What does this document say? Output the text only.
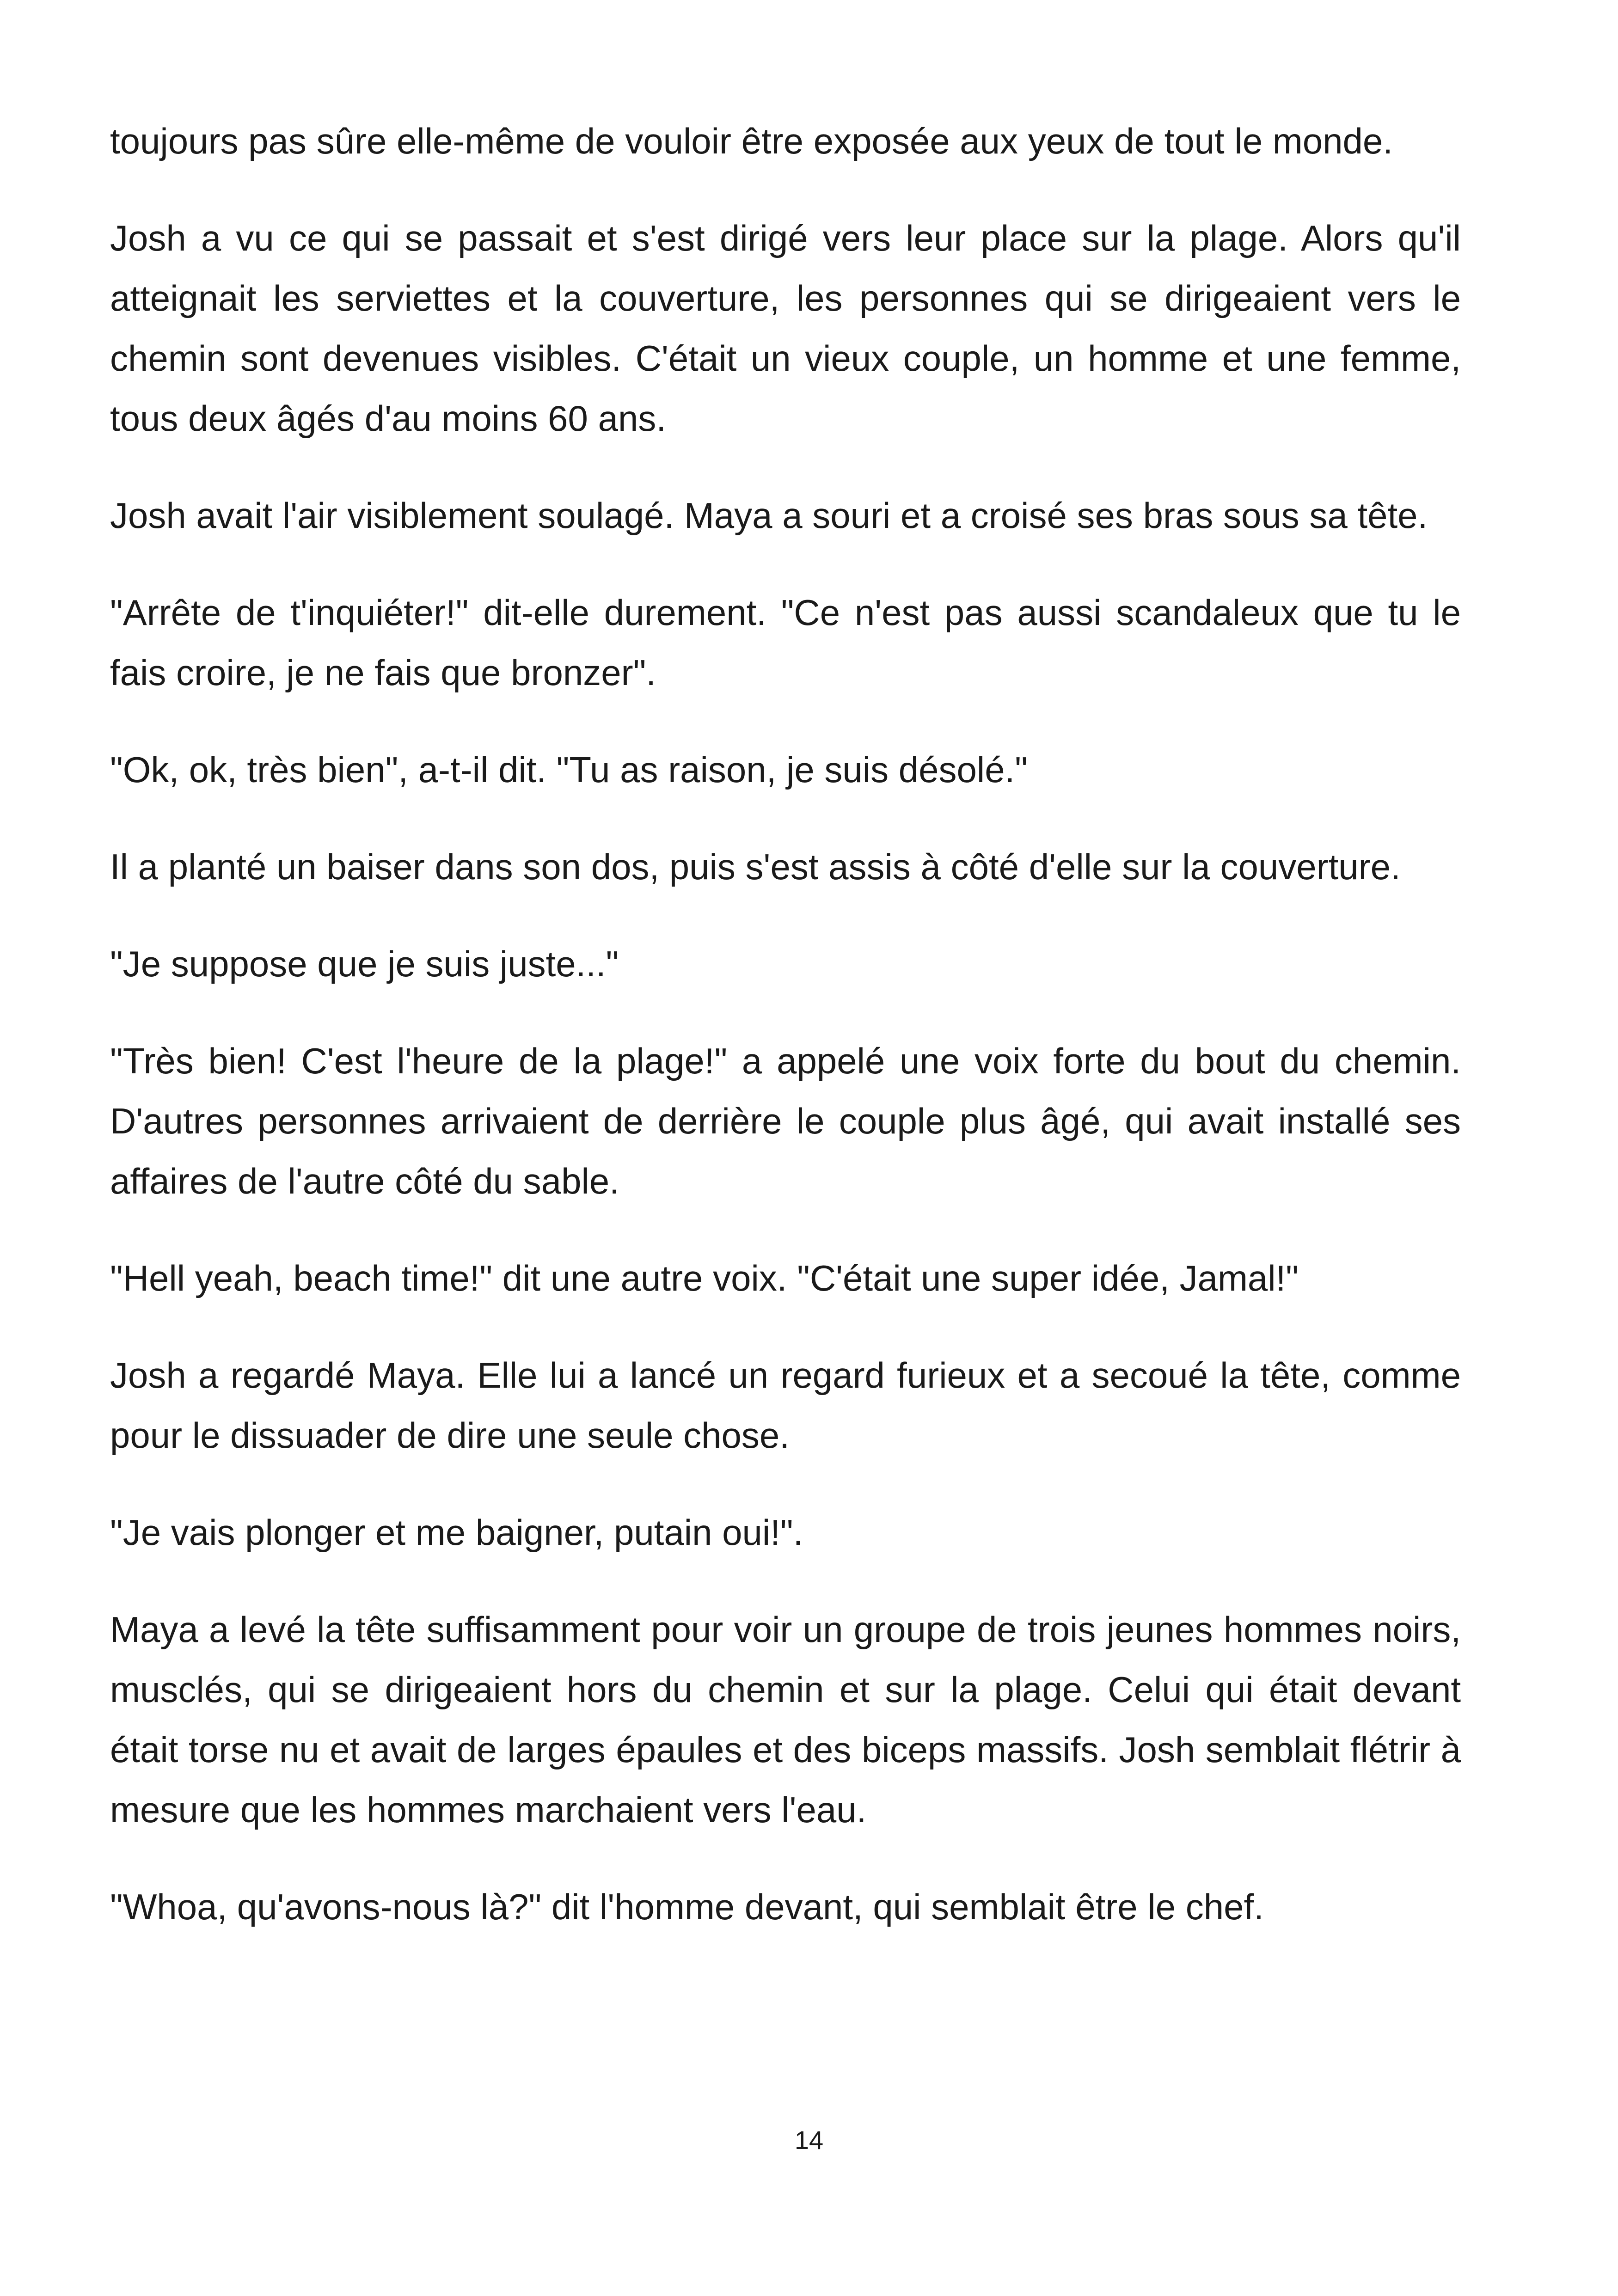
toujours pas sûre elle-même de vouloir être exposée aux yeux de tout le monde.

Josh a vu ce qui se passait et s'est dirigé vers leur place sur la plage. Alors qu'il atteignait les serviettes et la couverture, les personnes qui se dirigeaient vers le chemin sont devenues visibles. C'était un vieux couple, un homme et une femme, tous deux âgés d'au moins 60 ans.

Josh avait l'air visiblement soulagé. Maya a souri et a croisé ses bras sous sa tête.

"Arrête de t'inquiéter!" dit-elle durement. "Ce n'est pas aussi scandaleux que tu le fais croire, je ne fais que bronzer".

"Ok, ok, très bien", a-t-il dit. "Tu as raison, je suis désolé."

Il a planté un baiser dans son dos, puis s'est assis à côté d'elle sur la couverture.

"Je suppose que je suis juste..."

"Très bien! C'est l'heure de la plage!" a appelé une voix forte du bout du chemin. D'autres personnes arrivaient de derrière le couple plus âgé, qui avait installé ses affaires de l'autre côté du sable.

"Hell yeah, beach time!" dit une autre voix. "C'était une super idée, Jamal!"

Josh a regardé Maya. Elle lui a lancé un regard furieux et a secoué la tête, comme pour le dissuader de dire une seule chose.

"Je vais plonger et me baigner, putain oui!".

Maya a levé la tête suffisamment pour voir un groupe de trois jeunes hommes noirs, musclés, qui se dirigeaient hors du chemin et sur la plage. Celui qui était devant était torse nu et avait de larges épaules et des biceps massifs. Josh semblait flétrir à mesure que les hommes marchaient vers l'eau.

"Whoa, qu'avons-nous là?" dit l'homme devant, qui semblait être le chef.

14
